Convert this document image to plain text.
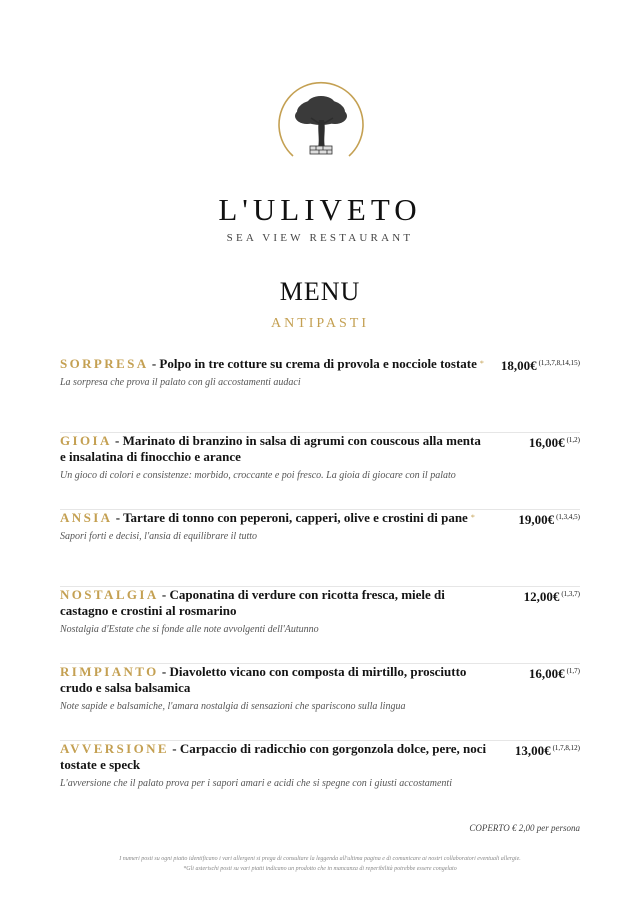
L'ULIVETO
SEA VIEW RESTAURANT
MENU
ANTIPASTI
SORPRESA - Polpo in tre cotture su crema di provola e nocciole tostate *	18,00€ $^{(1,3,7,8,14,15)}$
La sorpresa che prova il palato con gli accostamenti audaci
GIOIA - Marinato di branzino in salsa di agrumi con couscous alla menta e insalatina di finocchio e arance
16,00€ $^{(1,2)}$
Un gioco di colori e consistenze: morbido, croccante e poi fresco. La gioia di giocare con il palato
ANSIA - Tartare di tonno con peperoni, capperi, olive e crostini di pane *	19,00€ $^{(1,3,4,5)}$
Sapori forti e decisi, l'ansia di equilibrare il tutto
NOSTALGIA - Caponatina di verdure con ricotta fresca, miele di castagno e crostini al rosmarino
12,00€ $^{(1,3,7)}$
Nostalgia d'Estate che si fonde alle note avvolgenti dell'Autunno
RIMPIANTO - Diavoletto vicano con composta di mirtillo, prosciutto crudo e salsa balsamica
16,00€ $^{(1,7)}$
Note sapide e balsamiche, l'amara nostalgia di sensazioni che spariscono sulla lingua
AVVERSIONE - Carpaccio di radicchio con gorgonzola dolce, pere, noci tostate e speck
13,00€ $^{(1,7,8,12)}$
L'avversione che il palato prova per i sapori amari e acidi che si spegne con i giusti accostamenti
COPERTO € 2,00 per persona
I numeri posti su ogni piatto identificano i vari allergeni si prega di consultare la leggenda all'ultima pagina e di comunicare ai nostri collaboratori eventuali allergie.
*Gli asterischi posti su vari piatti indicano un prodotto che in mancanza di reperibilità potrebbe essere congelato
